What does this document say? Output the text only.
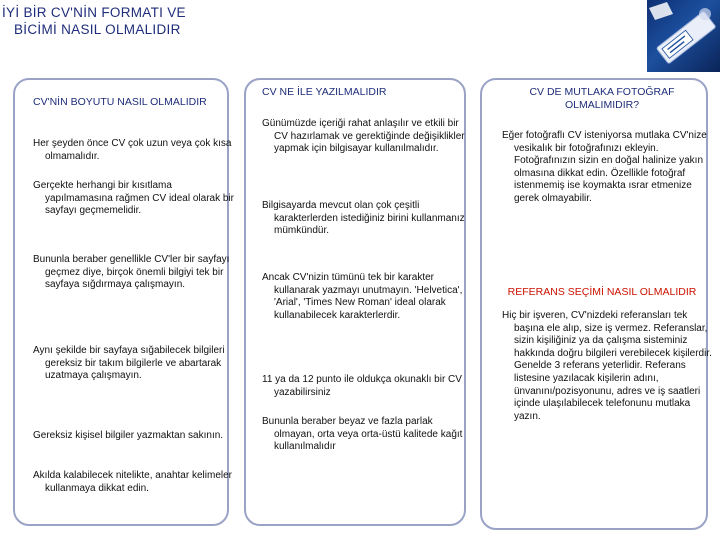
İYİ BİR CV'NİN FORMATI VE
BİCİMİ NASIL OLMALIDIR
CV'NİN BOYUTU NASIL OLMALIDIR
Her şeyden önce CV çok uzun veya çok kısa olmamalıdır.
Gerçekte herhangi bir kısıtlama yapılmamasına rağmen CV ideal olarak bir sayfayı geçmemelidir.
Bununla beraber genellikle CV'ler bir sayfayı geçmez diye, birçok önemli bilgiyi tek bir sayfaya sığdırmaya çalışmayın.
Aynı şekilde bir sayfaya sığabilecek bilgileri gereksiz bir takım bilgilerle ve abartarak uzatmaya çalışmayın.
Gereksiz kişisel bilgiler yazmaktan sakının.
Akılda kalabilecek nitelikte, anahtar kelimeler kullanmaya dikkat edin.
CV NE İLE YAZILMALIDIR
Günümüzde içeriği rahat anlaşılır ve etkili bir CV hazırlamak ve gerektiğinde değişiklikler yapmak için bilgisayar kullanılmalıdır.
Bilgisayarda mevcut olan çok çeşitli karakterlerden istediğiniz birini kullanmanız mümkündür.
Ancak CV'nizin tümünü tek bir karakter kullanarak yazmayı unutmayın. 'Helvetica', 'Arial', 'Times New Roman' ideal olarak kullanabilecek karakterlerdir.
11 ya da 12 punto ile oldukça okunaklı bir CV yazabilirsiniz
Bununla beraber beyaz ve fazla parlak olmayan, orta veya orta-üstü kalitede kağıt kullanılmalıdır
CV DE MUTLAKA FOTOĞRAF OLMALIMIDIR?
Eğer fotoğraflı CV isteniyorsa mutlaka CV'nize vesikalık bir fotoğrafınızı ekleyin. Fotoğrafınızın sizin en doğal halinize yakın olmasına dikkat edin. Özellikle fotoğraf istenmemiş ise koymakta ısrar etmenize gerek olmayabilir.
REFERANS SEÇİMİ NASIL OLMALIDIR
Hiç bir işveren, CV'nizdeki referansları tek başına ele alıp, size iş vermez. Referanslar, sizin kişiliğiniz ya da çalışma sisteminiz hakkında doğru bilgileri verebilecek kişilerdir. Genelde 3 referans yeterlidir. Referans listesine yazılacak kişilerin adını, ünvanını/pozisyonunu, adres ve iş saatleri içinde ulaşılabilecek telefonunu mutlaka yazın.
